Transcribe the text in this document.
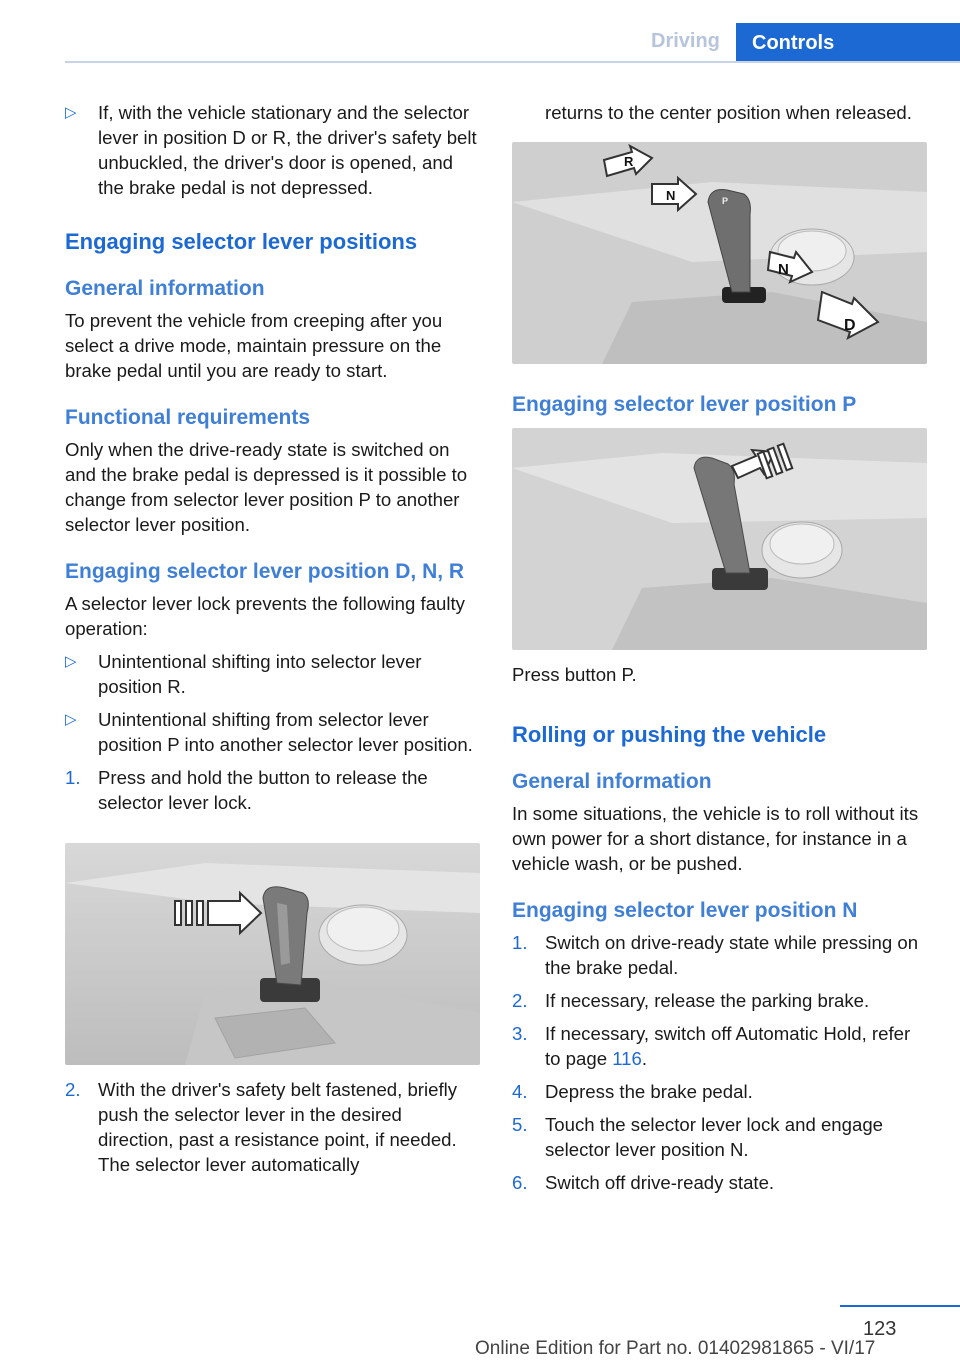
Driving Controls
▷ If, with the vehicle stationary and the selector lever in position D or R, the driver's safety belt unbuckled, the driver's door is opened, and the brake pedal is not depressed.

Engaging selector lever positions

General information

To prevent the vehicle from creeping after you select a drive mode, maintain pressure on the brake pedal until you are ready to start.

Functional requirements

Only when the drive-ready state is switched on and the brake pedal is depressed is it possible to change from selector lever position P to another selector lever position.

Engaging selector lever position D, N, R

A selector lever lock prevents the following faulty operation:

▷ Unintentional shifting into selector lever position R.
▷ Unintentional shifting from selector lever position P into another selector lever position.
1. Press and hold the button to release the selector lever lock.
2. With the driver's safety belt fastened, briefly push the selector lever in the desired direction, past a resistance point, if needed. The selector lever automatically

returns to the center position when released.

R
N
N
D
P

Engaging selector lever position P

Press button P.

Rolling or pushing the vehicle

General information

In some situations, the vehicle is to roll without its own power for a short distance, for instance in a vehicle wash, or be pushed.

Engaging selector lever position N

1. Switch on drive-ready state while pressing on the brake pedal.
2. If necessary, release the parking brake.
3. If necessary, switch off Automatic Hold, refer to page 116.
4. Depress the brake pedal.
5. Touch the selector lever lock and engage selector lever position N.
6. Switch off drive-ready state.
123
Online Edition for Part no. 01402981865 - VI/17
